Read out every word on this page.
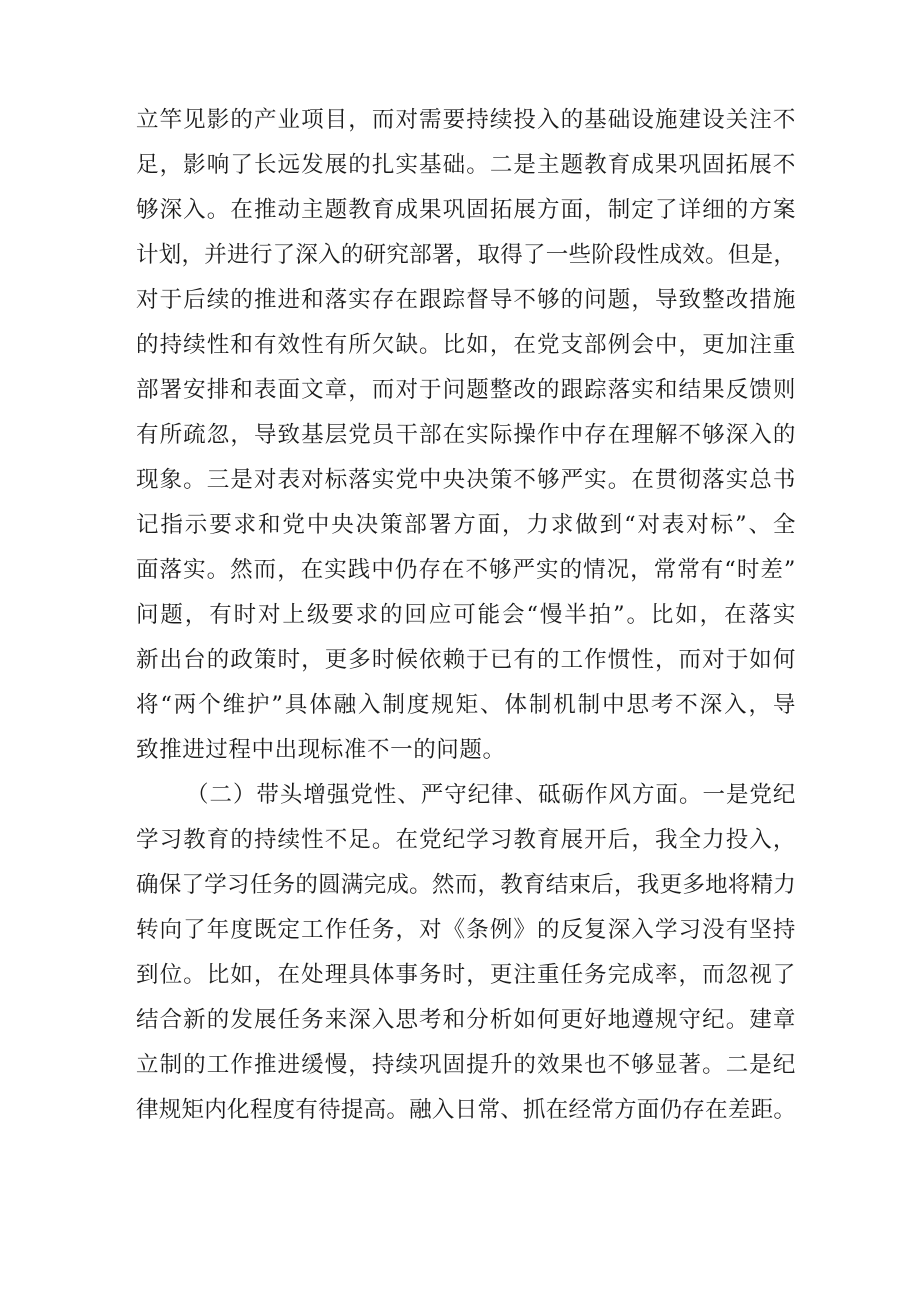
立竿见影的产业项目，而对需要持续投入的基础设施建设关注不
足，影响了长远发展的扎实基础。二是主题教育成果巩固拓展不
够深入。在推动主题教育成果巩固拓展方面，制定了详细的方案
计划，并进行了深入的研究部署，取得了一些阶段性成效。但是，
对于后续的推进和落实存在跟踪督导不够的问题，导致整改措施
的持续性和有效性有所欠缺。比如，在党支部例会中，更加注重
部署安排和表面文章，而对于问题整改的跟踪落实和结果反馈则
有所疏忽，导致基层党员干部在实际操作中存在理解不够深入的
现象。三是对表对标落实党中央决策不够严实。在贯彻落实总书
记指示要求和党中央决策部署方面，力求做到“对表对标”、全
面落实。然而，在实践中仍存在不够严实的情况，常常有“时差”
问题，有时对上级要求的回应可能会“慢半拍”。比如，在落实
新出台的政策时，更多时候依赖于已有的工作惯性，而对于如何
将“两个维护”具体融入制度规矩、体制机制中思考不深入，导
致推进过程中出现标准不一的问题。
（二）带头增强党性、严守纪律、砥砺作风方面。一是党纪
学习教育的持续性不足。在党纪学习教育展开后，我全力投入，
确保了学习任务的圆满完成。然而，教育结束后，我更多地将精力
转向了年度既定工作任务，对《条例》的反复深入学习没有坚持
到位。比如，在处理具体事务时，更注重任务完成率，而忽视了
结合新的发展任务来深入思考和分析如何更好地遵规守纪。建章
立制的工作推进缓慢，持续巩固提升的效果也不够显著。二是纪
律规矩内化程度有待提高。融入日常、抓在经常方面仍存在差距。
